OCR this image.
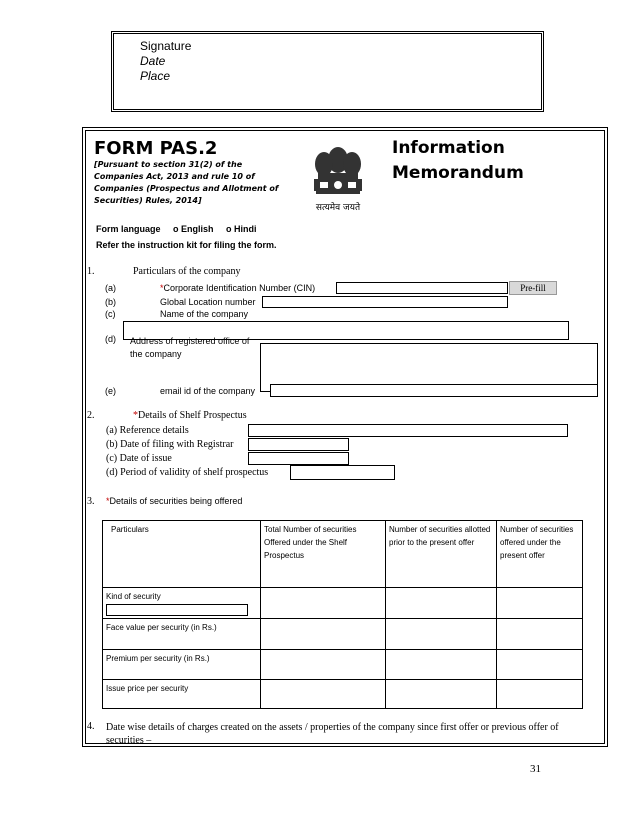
Signature
Date
Place
FORM PAS.2
[Pursuant to section 31(2) of the Companies Act, 2013 and rule 10 of Companies (Prospectus and Allotment of Securities) Rules, 2014]
सत्यमेव जयते
Information
Memorandum
Form language o English o Hindi
Refer the instruction kit for filing the form.
1.	Particulars of the company
(a)	*Corporate Identification Number (CIN)	Pre-fill
(b)	Global Location number
(c)	Name of the company
(d) Address of registered office of the company
(e)	email id of the company
2.	*Details of Shelf Prospectus
(a) Reference details
(b) Date of filing with Registrar
(c) Date of issue
(d) Period of validity of shelf prospectus
3. *Details of securities being offered
Particulars	Total Number of securities Offered under the Shelf Prospectus	Number of securities allotted prior to the present offer	Number of securities offered under the present offer

Kind of security			

Face value per security (in Rs.)			
Premium per security (in Rs.)			
Issue price per security			
4. Date wise details of charges created on the assets / properties of the company since first offer or previous offer of securities –
31
